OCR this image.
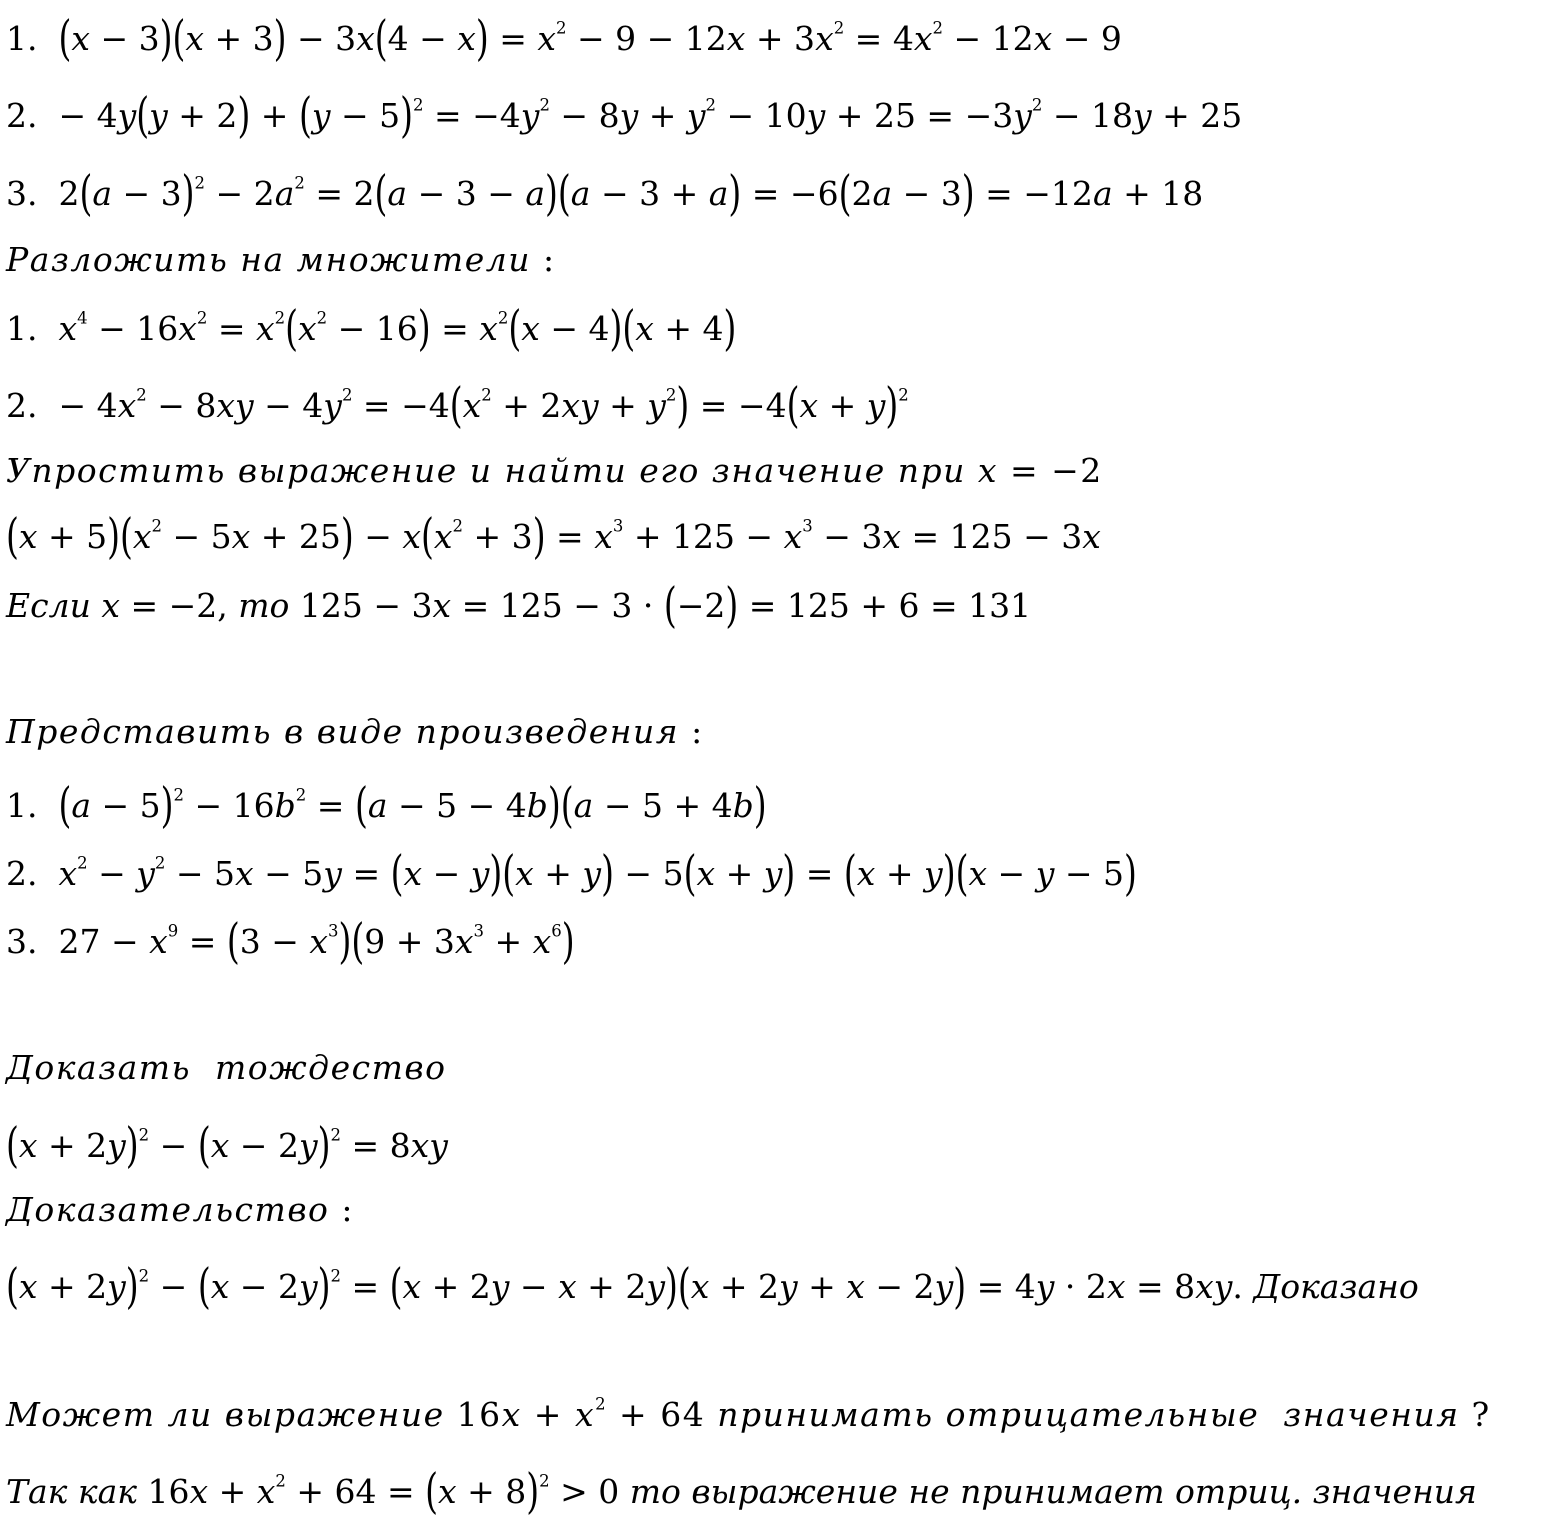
1.  $(x - 3)(x + 3) - 3x(4 - x) = x^2 - 9 - 12x + 3x^2 = 4x^2 - 12x - 9$
2.  − $4y(y + 2) + (y - 5)^2 = -4y^2 - 8y + y^2 - 10y + 25 = -3y^2 - 18y + 25$
3.  $2(a - 3)^2 - 2a^2 = 2(a - 3 - a)(a - 3 + a) = -6(2a - 3) = -12a + 18$
Разложить на множители :
1.  $x^4 - 16x^2 = x^2(x^2 - 16) = x^2(x - 4)(x + 4)$
2.  − $4x^2 - 8xy - 4y^2 = -4(x^2 + 2xy + y^2) = -4(x + y)^2$
Упростить выражение и найти его значение при x = −2
$(x + 5)(x^2 - 5x + 25) - x(x^2 + 3) = x^3 + 125 - x^3 - 3x = 125 - 3x$
Если x = −2, то 125 − 3x = 125 − 3 · (−2) = 125 + 6 = 131
Представить в виде произведения :
1.  $(a - 5)^2 - 16b^2 = (a - 5 - 4b)(a - 5 + 4b)$
2.  $x^2 - y^2 - 5x - 5y = (x - y)(x + y) - 5(x + y) = (x + y)(x - y - 5)$
3.  $27 - x^9 = (3 - x^3)(9 + 3x^3 + x^6)$
Доказать  тождество
$(x + 2y)^2 - (x - 2y)^2 = 8xy$
Доказательство :
$(x + 2y)^2 - (x - 2y)^2 = (x + 2y - x + 2y)(x + 2y + x - 2y) = 4y \cdot 2x = 8xy$. Доказано
Может ли выражение $16x + x^2 + 64$ принимать отрицательные  значения ?
Так как $16x + x^2 + 64 = (x + 8)^2 > 0$ то выражение не принимает отриц. значения
